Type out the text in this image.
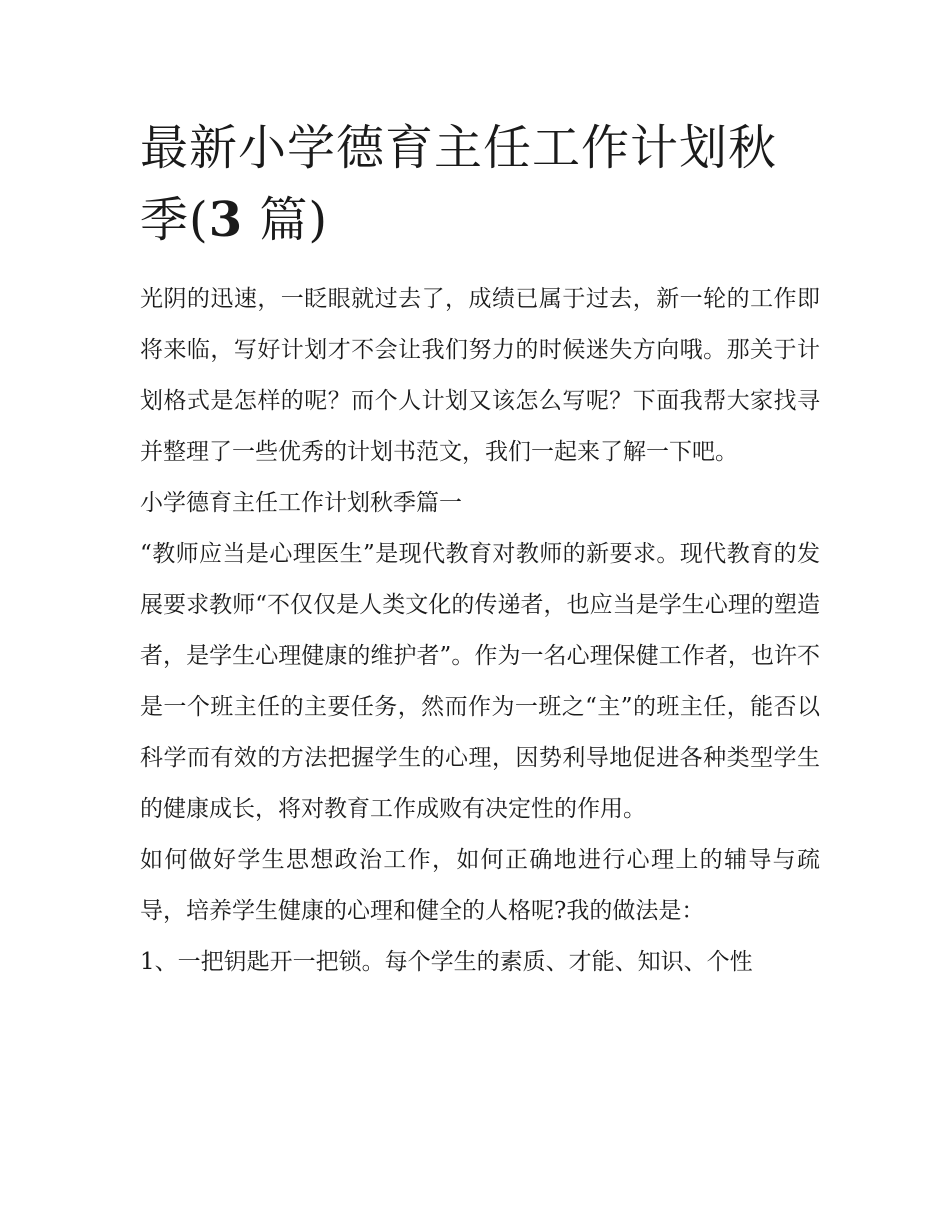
最新小学德育主任工作计划秋季(3 篇)

光阴的迅速，一眨眼就过去了，成绩已属于过去，新一轮的工作即将来临，写好计划才不会让我们努力的时候迷失方向哦。那关于计划格式是怎样的呢？而个人计划又该怎么写呢？下面我帮大家找寻并整理了一些优秀的计划书范文，我们一起来了解一下吧。

小学德育主任工作计划秋季篇一

“教师应当是心理医生”是现代教育对教师的新要求。现代教育的发展要求教师“不仅仅是人类文化的传递者，也应当是学生心理的塑造者，是学生心理健康的维护者”。作为一名心理保健工作者，也许不是一个班主任的主要任务，然而作为一班之“主”的班主任，能否以科学而有效的方法把握学生的心理，因势利导地促进各种类型学生的健康成长，将对教育工作成败有决定性的作用。

如何做好学生思想政治工作，如何正确地进行心理上的辅导与疏导，培养学生健康的心理和健全的人格呢?我的做法是：

1、一把钥匙开一把锁。每个学生的素质、才能、知识、个性
